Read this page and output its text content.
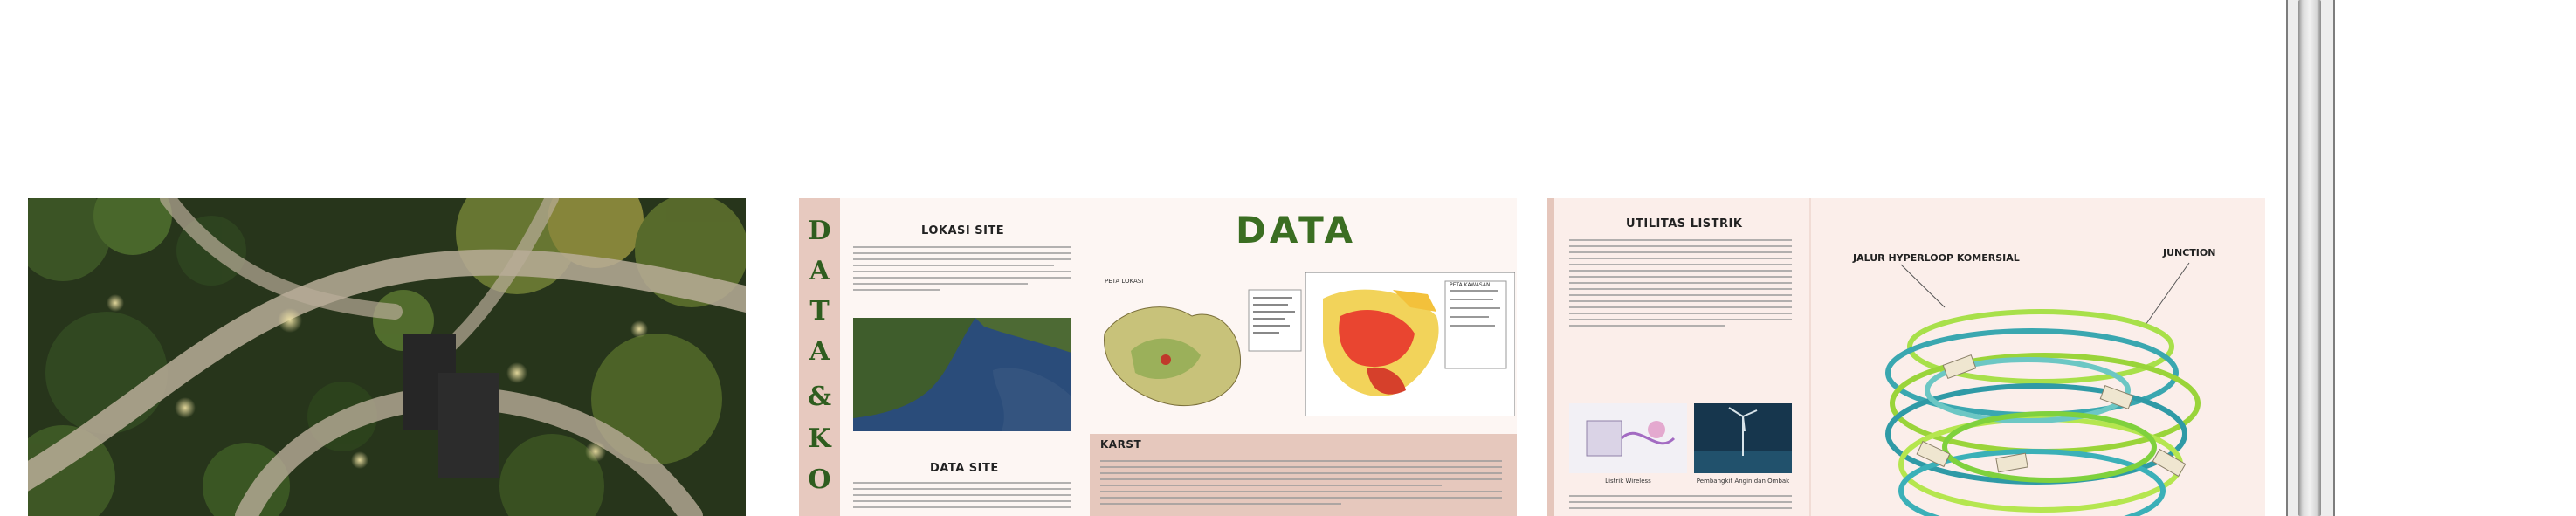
D
A
T
A
&
K
O
LOKASI SITE
DATA SITE
DATA
PETA LOKASI
PETA KAWASAN
KARST
UTILITAS LISTRIK
Listrik Wireless	Pembangkit Angin dan Ombak
JALUR HYPERLOOP KOMERSIAL	JUNCTION
